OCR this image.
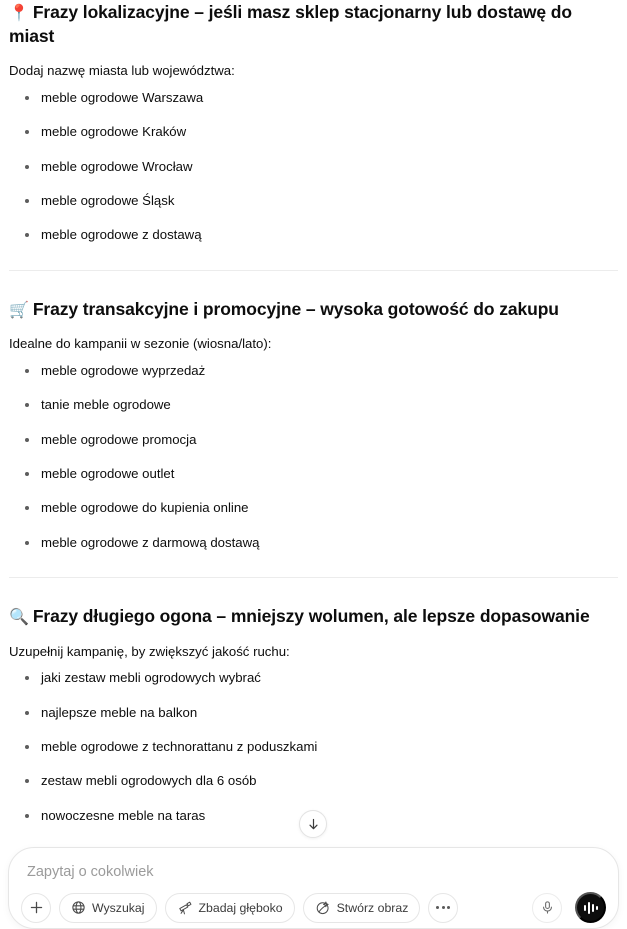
📍 Frazy lokalizacyjne – jeśli masz sklep stacjonarny lub dostawę do miast

Dodaj nazwę miasta lub województwa:

meble ogrodowe Warszawa
meble ogrodowe Kraków
meble ogrodowe Wrocław
meble ogrodowe Śląsk
meble ogrodowe z dostawą
🛒 Frazy transakcyjne i promocyjne – wysoka gotowość do zakupu

Idealne do kampanii w sezonie (wiosna/lato):

meble ogrodowe wyprzedaż
tanie meble ogrodowe
meble ogrodowe promocja
meble ogrodowe outlet
meble ogrodowe do kupienia online
meble ogrodowe z darmową dostawą
🔍 Frazy długiego ogona – mniejszy wolumen, ale lepsze dopasowanie

Uzupełnij kampanię, by zwiększyć jakość ruchu:

jaki zestaw mebli ogrodowych wybrać
najlepsze meble na balkon
meble ogrodowe z technorattanu z poduszkami
zestaw mebli ogrodowych dla 6 osób
nowoczesne meble na taras
Zapytaj o cokolwiek
Wyszukaj	Zbadaj głęboko	Stwórz obraz
